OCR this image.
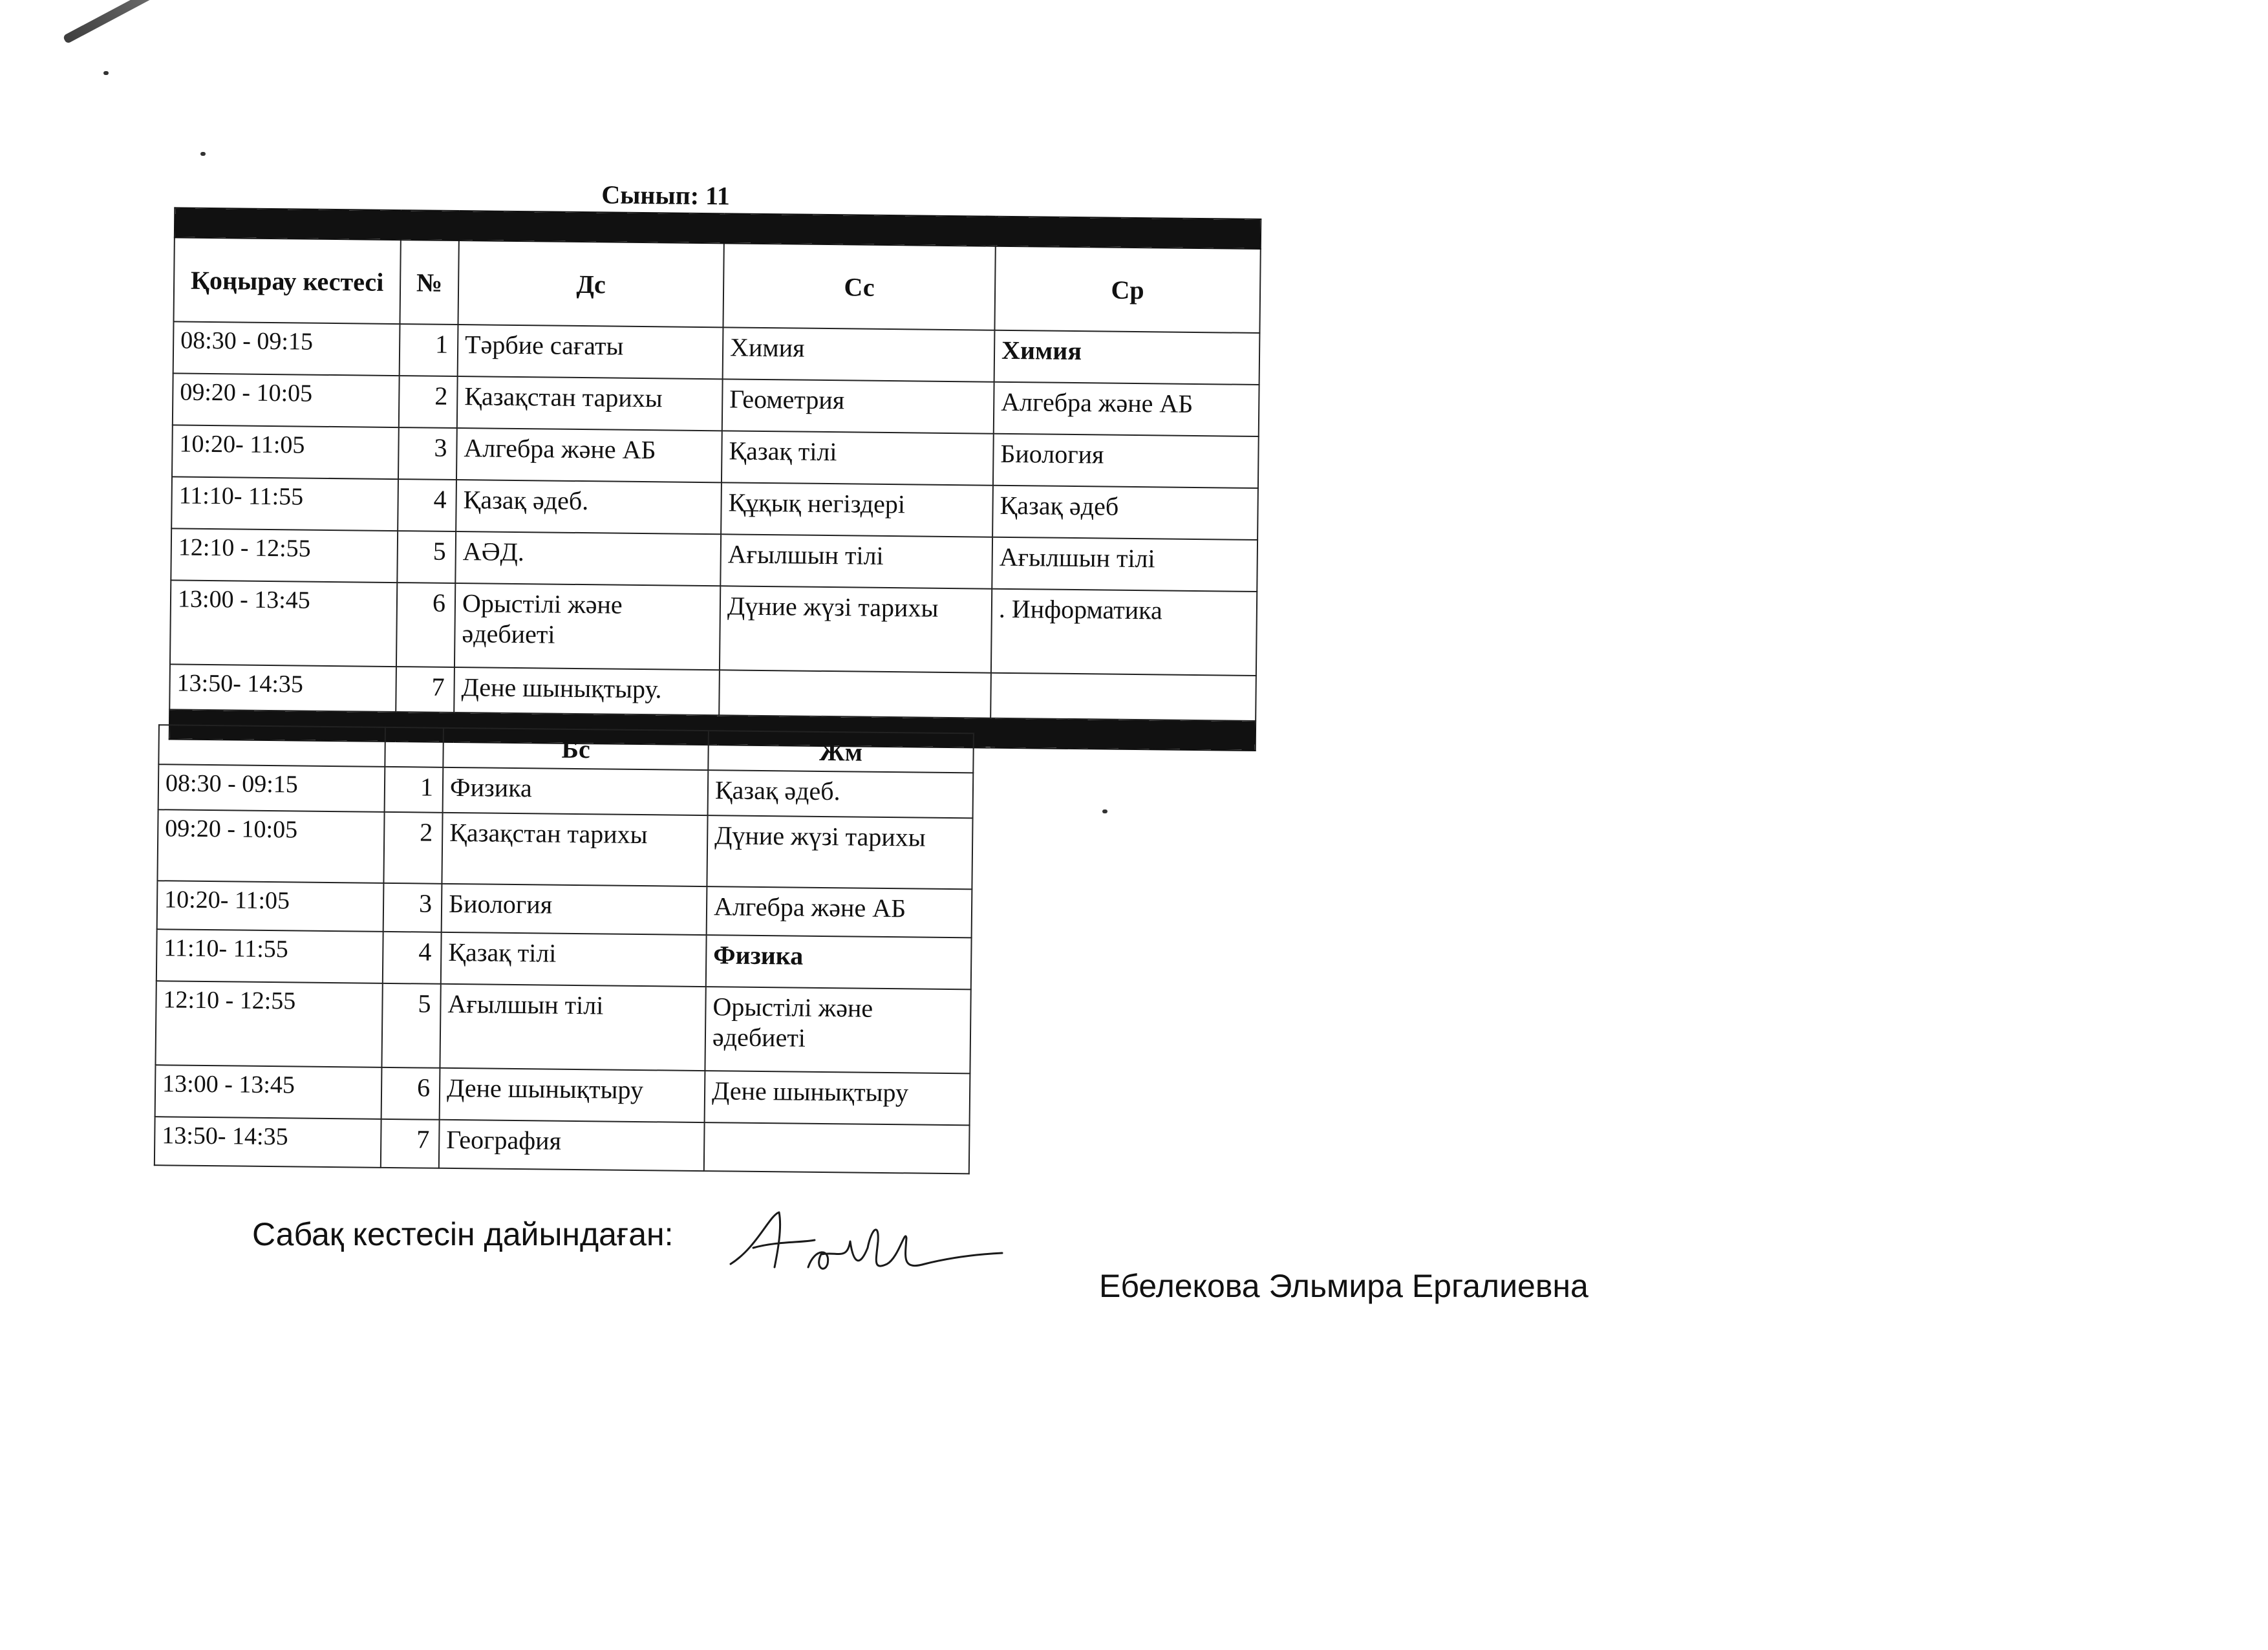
Сынып: 11

Қоңырау кестесі	№	Дс	Сс	Ср
08:30 - 09:15	1	Тәрбие сағаты	Химия	Химия
09:20 - 10:05	2	Қазақстан тарихы	Геометрия	Алгебра және АБ
10:20- 11:05	3	Алгебра және АБ	Қазақ тілі	Биология
11:10- 11:55	4	Қазақ әдеб.	Құқық негіздері	Қазақ әдеб
12:10 - 12:55	5	АӘД.	Ағылшын тілі	Ағылшын тілі
13:00 - 13:45	6	Орыстілі және әдебиеті	Дүние жүзі тарихы	. Информатика
13:50- 14:35	7	Дене шынықтыру.		

		Бс	Жм
08:30 - 09:15	1	Физика	Қазақ әдеб.
09:20 - 10:05	2	Қазақстан тарихы	Дүние жүзі тарихы
10:20- 11:05	3	Биология	Алгебра және АБ
11:10- 11:55	4	Қазақ тілі	Физика
12:10 - 12:55	5	Ағылшын тілі	Орыстілі және әдебиеті
13:00 - 13:45	6	Дене шынықтыру	Дене шынықтыру
13:50- 14:35	7	География	
Сабақ кестесін дайындаған:
Ебелекова Эльмира Ергалиевна
